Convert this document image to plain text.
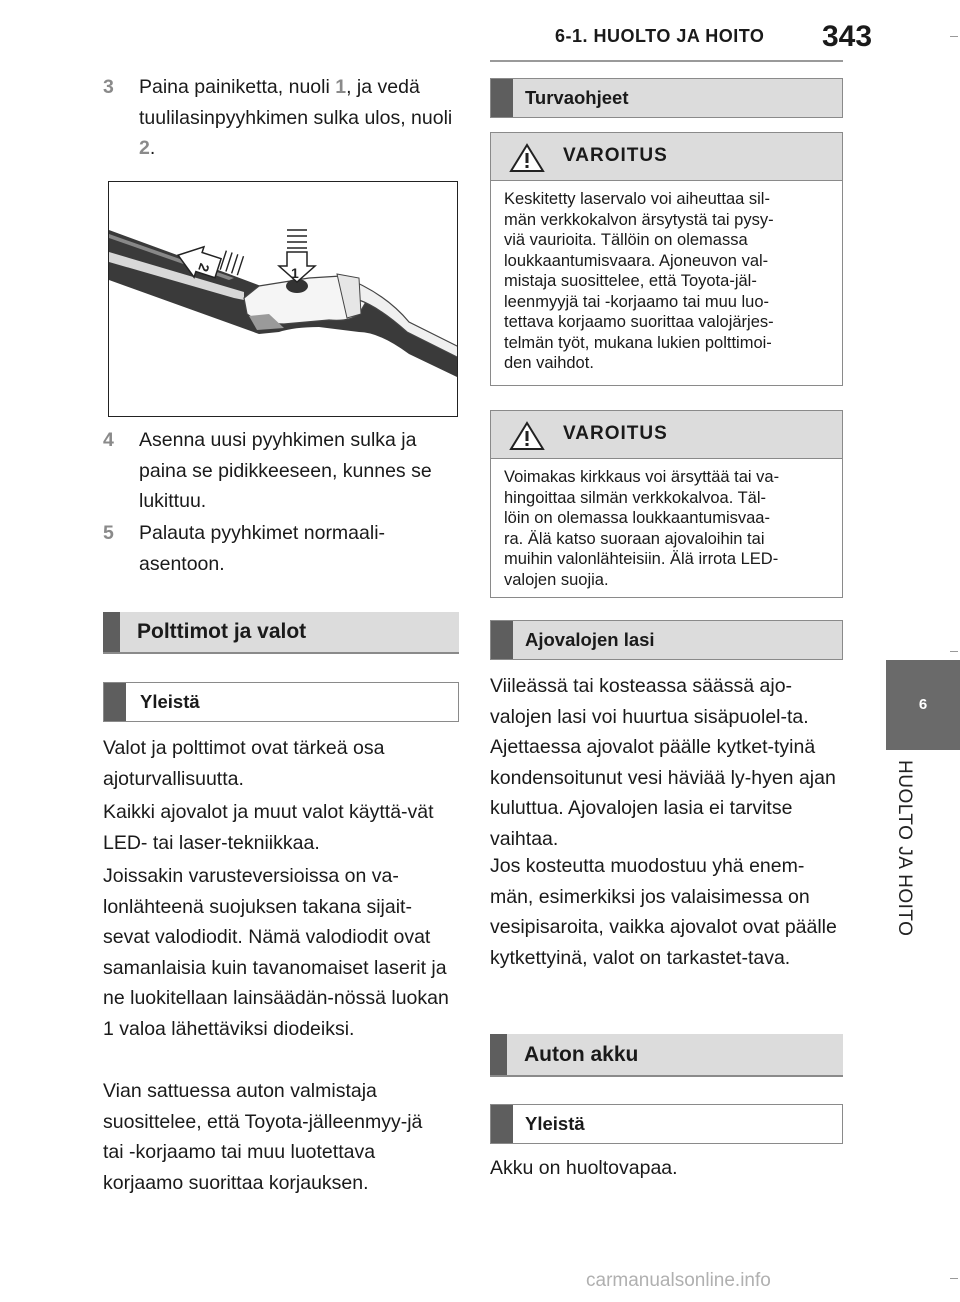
6-1. HUOLTO JA HOITO 343
6
HUOLTO JA HOITO
3 Paina painiketta, nuoli 1, ja vedä tuulilasinpyyhkimen sulka ulos, nuoli 2.
1
2
4 Asenna uusi pyyhkimen sulka ja paina se pidikkeeseen, kunnes se lukittuu.
5 Palauta pyyhkimet normaali-asentoon.
Polttimot ja valot
Yleistä
Valot ja polttimot ovat tärkeä osa ajoturvallisuutta.
Kaikki ajovalot ja muut valot käyttä-vät LED- tai laser-tekniikkaa.
Joissakin varusteversioissa on va-lonlähteenä suojuksen takana sijait-sevat valodiodit. Nämä valodiodit ovat samanlaisia kuin tavanomaiset laserit ja ne luokitellaan lainsäädän-nössä luokan 1 valoa lähettäviksi diodeiksi.
Vian sattuessa auton valmistaja suosittelee, että Toyota-jälleenmyy-jä tai -korjaamo tai muu luotettava korjaamo suorittaa korjauksen.
Turvaohjeet
VAROITUS
Keskitetty laservalo voi aiheuttaa sil-
män verkkokalvon ärsytystä tai pysy-
viä vaurioita. Tällöin on olemassa
loukkaantumisvaara. Ajoneuvon val-
mistaja suosittelee, että Toyota-jäl-
leenmyyjä tai -korjaamo tai muu luo-
tettava korjaamo suorittaa valojärjes-
telmän työt, mukana lukien polttimoi-
den vaihdot.
VAROITUS
Voimakas kirkkaus voi ärsyttää tai va-
hingoittaa silmän verkkokalvoa. Täl-
löin on olemassa loukkaantumisvaa-
ra. Älä katso suoraan ajovaloihin tai
muihin valonlähteisiin. Älä irrota LED-
valojen suojia.
Ajovalojen lasi
Viileässä tai kosteassa säässä ajo-valojen lasi voi huurtua sisäpuolel-ta. Ajettaessa ajovalot päälle kytket-tyinä kondensoitunut vesi häviää ly-hyen ajan kuluttua. Ajovalojen lasia ei tarvitse vaihtaa.
Jos kosteutta muodostuu yhä enem-män, esimerkiksi jos valaisimessa on vesipisaroita, vaikka ajovalot ovat päälle kytkettyinä, valot on tarkastet-tava.
Auton akku
Yleistä
Akku on huoltovapaa.
carmanualsonline.info
